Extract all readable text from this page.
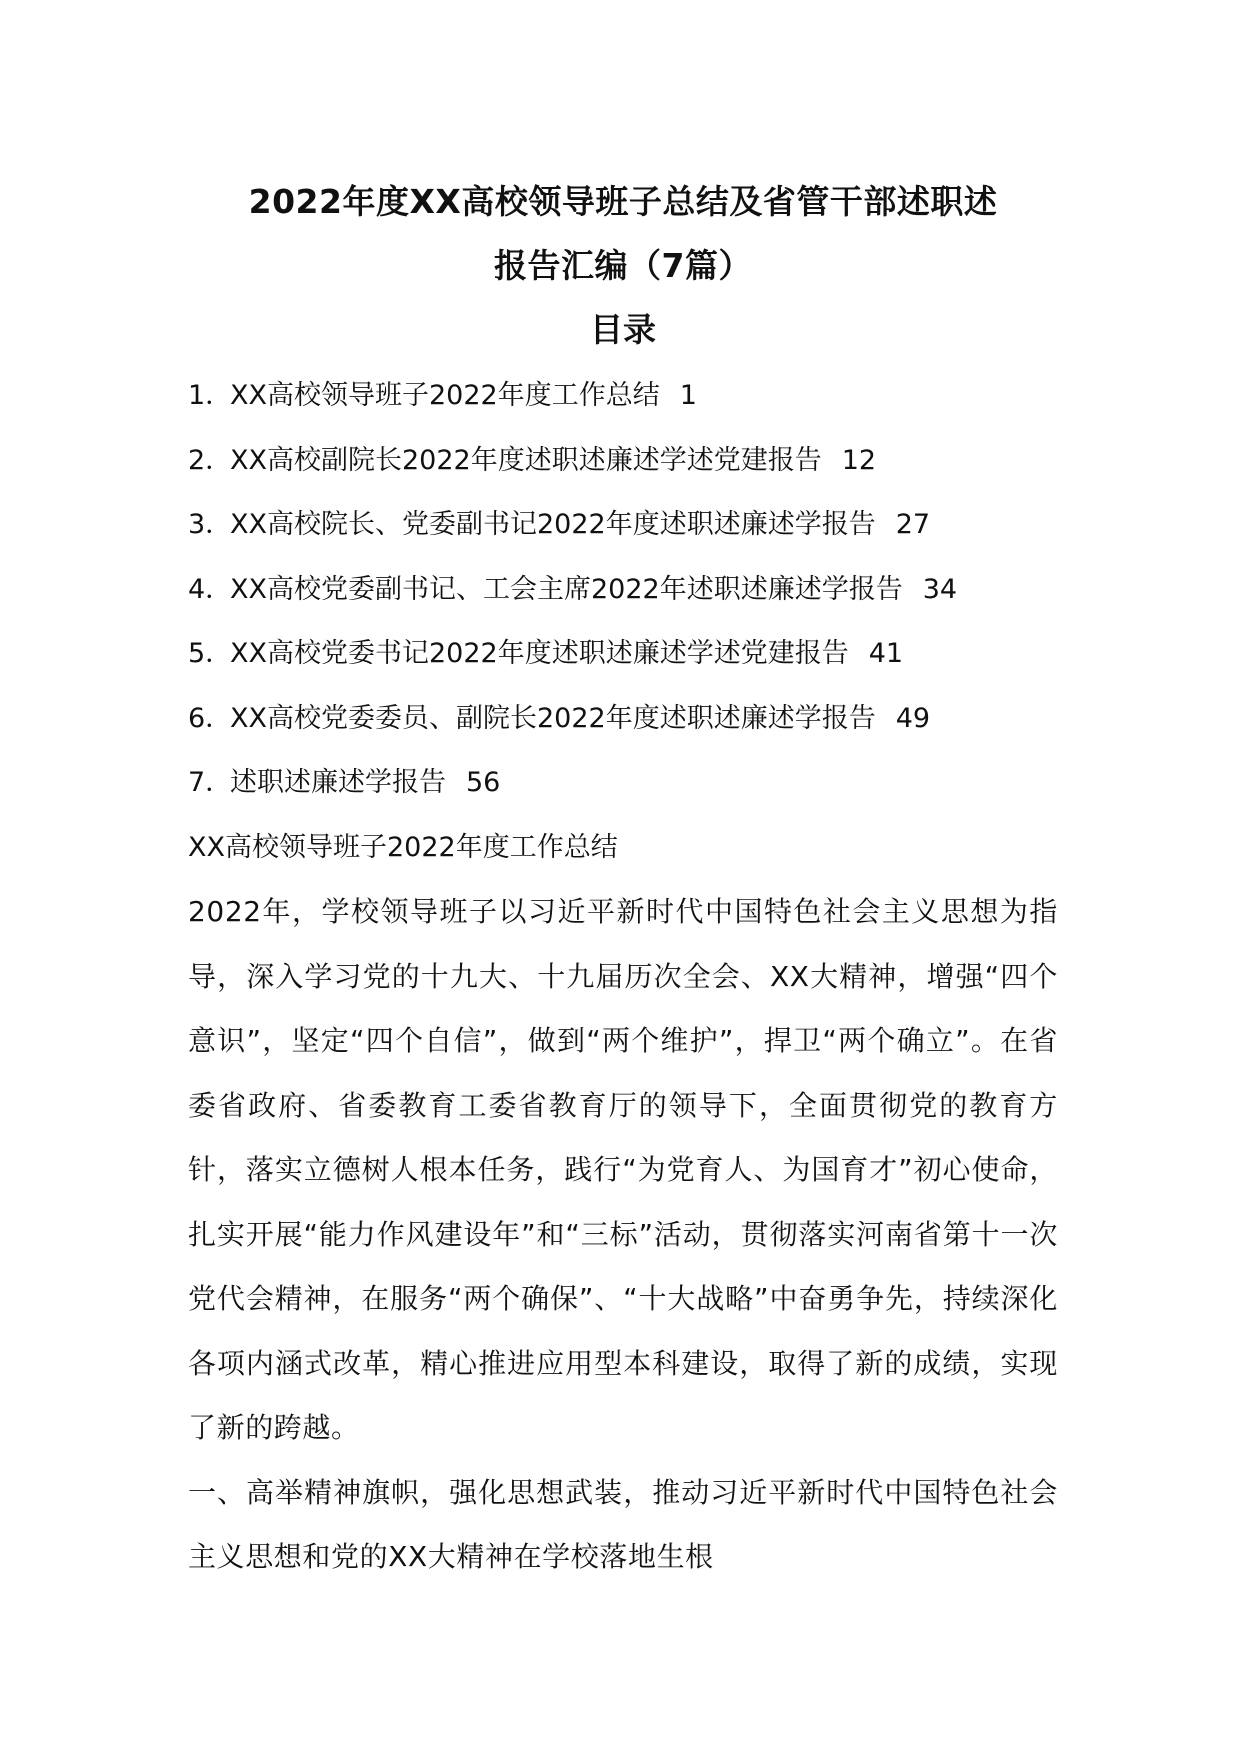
2022年度XX高校领导班子总结及省管干部述职述
报告汇编（7篇）
目录
1．
XX高校领导班子2022年度工作总结 1
2．
XX高校副院长2022年度述职述廉述学述党建报告 12
3．
XX高校院长、党委副书记2022年度述职述廉述学报告 27
4．
XX高校党委副书记、工会主席2022年述职述廉述学报告 34
5．
XX高校党委书记2022年度述职述廉述学述党建报告 41
6．
XX高校党委委员、副院长2022年度述职述廉述学报告 49
7．
述职述廉述学报告 56

XX高校领导班子2022年度工作总结

2022年，学校领导班子以习近平新时代中国特色社会主义思想为指导，深入学习党的十九大、十九届历次全会、XX大精神，增强“四个意识”，坚定“四个自信”，做到“两个维护”，捍卫“两个确立”。在省委省政府、省委教育工委省教育厅的领导下，全面贯彻党的教育方针，落实立德树人根本任务，践行“为党育人、为国育才”初心使命，扎实开展“能力作风建设年”和“三标”活动，贯彻落实河南省第十一次党代会精神，在服务“两个确保”、“十大战略”中奋勇争先，持续深化各项内涵式改革，精心推进应用型本科建设，取得了新的成绩，实现了新的跨越。

一、高举精神旗帜，强化思想武装，推动习近平新时代中国特色社会主义思想和党的XX大精神在学校落地生根
